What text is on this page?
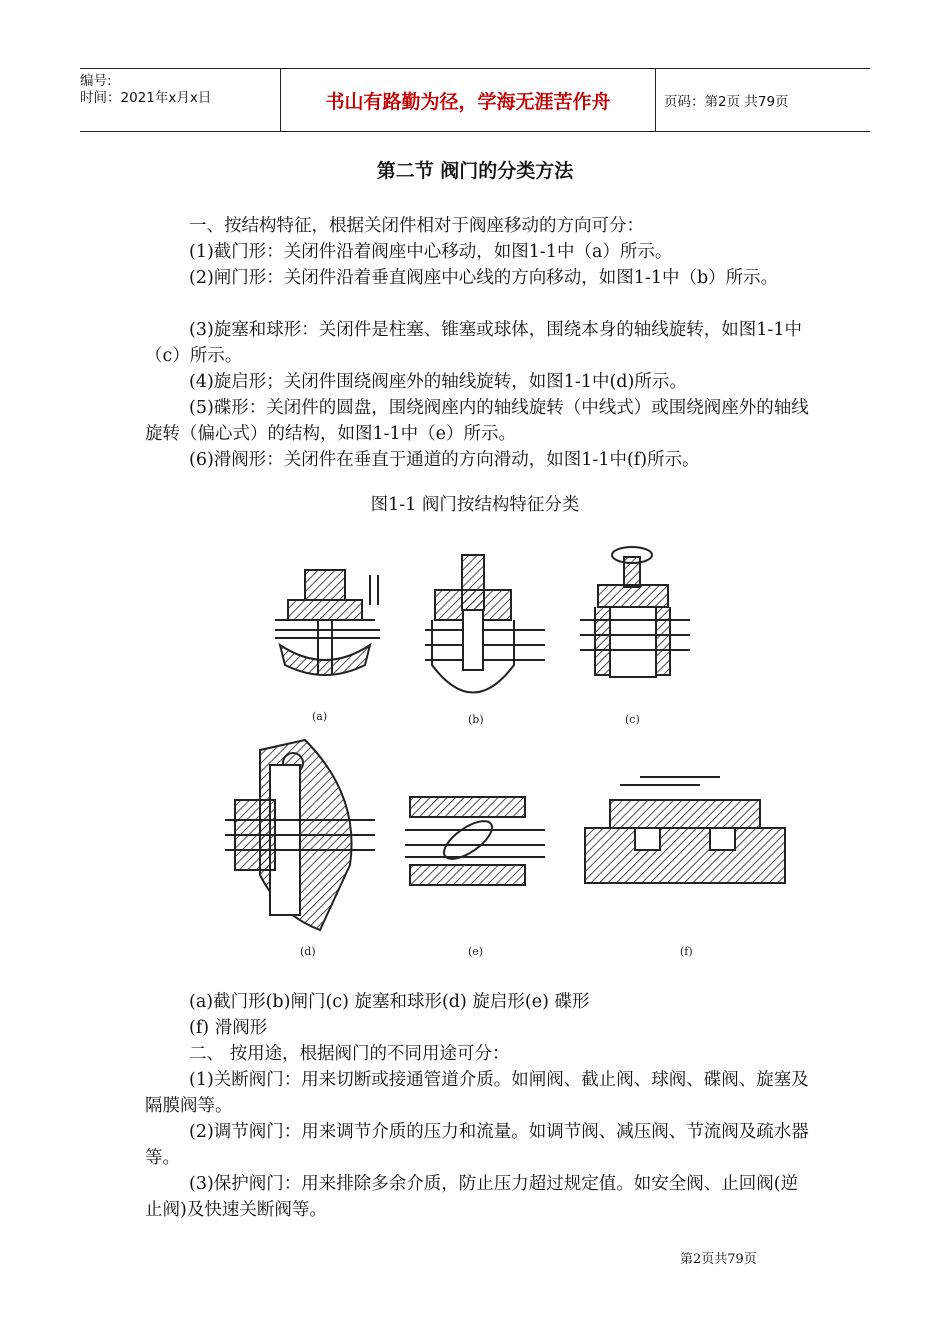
编号:
时间：2021年x月x日	书山有路勤为径，学海无涯苦作舟	页码：第2页 共79页
第二节 阀门的分类方法

一、按结构特征，根据关闭件相对于阀座移动的方向可分：

(1)截门形：关闭件沿着阀座中心移动，如图1-1中（a）所示。

(2)闸门形：关闭件沿着垂直阀座中心线的方向移动，如图1-1中（b）所示。

(3)旋塞和球形：关闭件是柱塞、锥塞或球体，围绕本身的轴线旋转，如图1-1中（c）所示。

(4)旋启形；关闭件围绕阀座外的轴线旋转，如图1-1中(d)所示。

(5)碟形：关闭件的圆盘，围绕阀座内的轴线旋转（中线式）或围绕阀座外的轴线旋转（偏心式）的结构，如图1-1中（e）所示。

(6)滑阀形：关闭件在垂直于通道的方向滑动，如图1-1中(f)所示。

图1-1 阀门按结构特征分类
(a)	(b)	(c)
(d)	(e)	(f)

(a)截门形(b)闸门(c) 旋塞和球形(d) 旋启形(e) 碟形

(f) 滑阀形

二、 按用途，根据阀门的不同用途可分：

(1)关断阀门：用来切断或接通管道介质。如闸阀、截止阀、球阀、碟阀、旋塞及隔膜阀等。

(2)调节阀门：用来调节介质的压力和流量。如调节阀、减压阀、节流阀及疏水器等。

(3)保护阀门：用来排除多余介质，防止压力超过规定值。如安全阀、止回阀(逆止阀)及快速关断阀等。

第2页共79页
